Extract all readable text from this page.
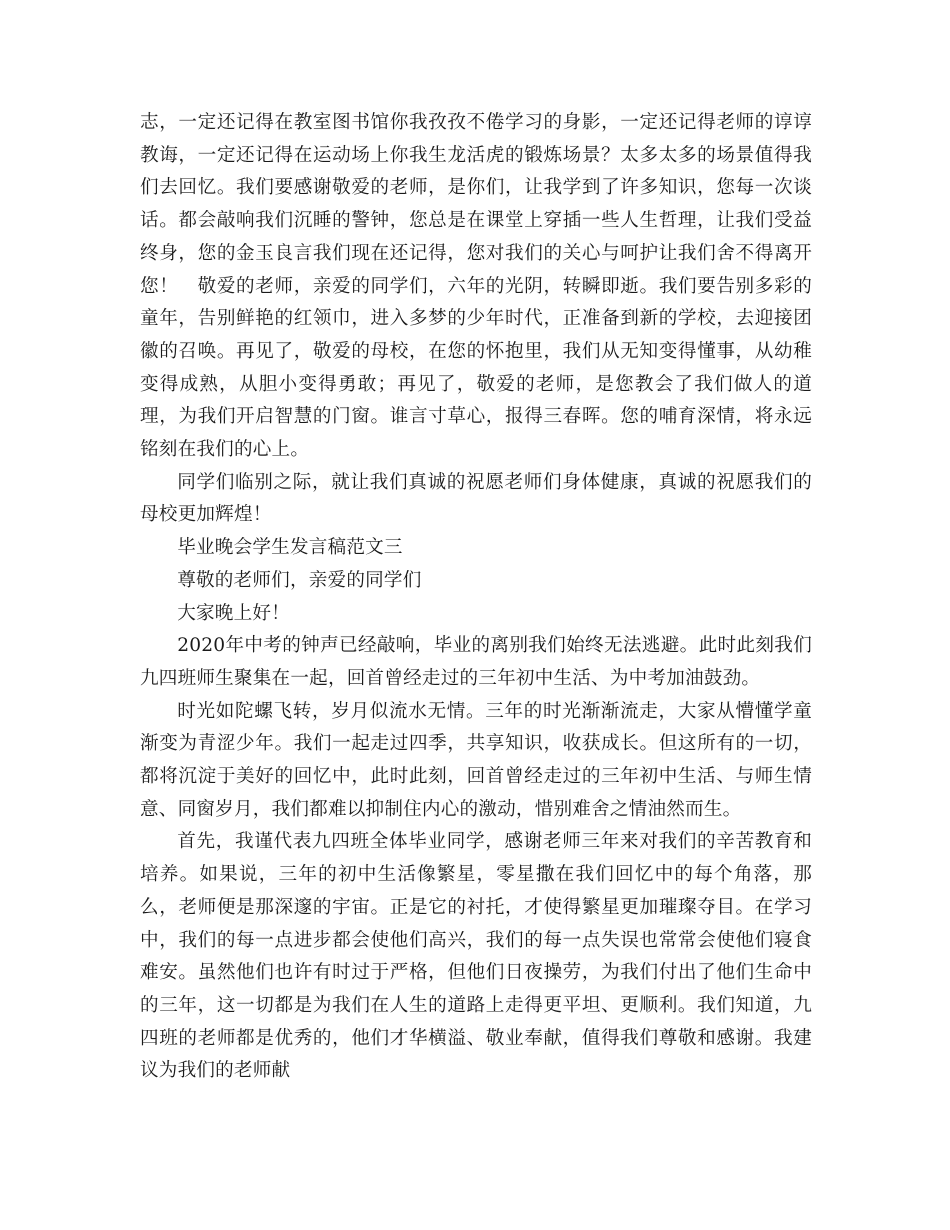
志，一定还记得在教室图书馆你我孜孜不倦学习的身影，一定还记得老师的谆谆教诲，一定还记得在运动场上你我生龙活虎的锻炼场景？太多太多的场景值得我们去回忆。我们要感谢敬爱的老师，是你们，让我学到了许多知识，您每一次谈话。都会敲响我们沉睡的警钟，您总是在课堂上穿插一些人生哲理，让我们受益终身，您的金玉良言我们现在还记得，您对我们的关心与呵护让我们舍不得离开您！　敬爱的老师，亲爱的同学们，六年的光阴，转瞬即逝。我们要告别多彩的童年，告别鲜艳的红领巾，进入多梦的少年时代，正准备到新的学校，去迎接团徽的召唤。再见了，敬爱的母校，在您的怀抱里，我们从无知变得懂事，从幼稚变得成熟，从胆小变得勇敢；再见了，敬爱的老师，是您教会了我们做人的道理，为我们开启智慧的门窗。谁言寸草心，报得三春晖。您的哺育深情，将永远铭刻在我们的心上。

同学们临别之际，就让我们真诚的祝愿老师们身体健康，真诚的祝愿我们的母校更加辉煌！

毕业晚会学生发言稿范文三

尊敬的老师们，亲爱的同学们

大家晚上好！

2020年中考的钟声已经敲响，毕业的离别我们始终无法逃避。此时此刻我们九四班师生聚集在一起，回首曾经走过的三年初中生活、为中考加油鼓劲。

时光如陀螺飞转，岁月似流水无情。三年的时光渐渐流走，大家从懵懂学童渐变为青涩少年。我们一起走过四季，共享知识，收获成长。但这所有的一切，都将沉淀于美好的回忆中，此时此刻，回首曾经走过的三年初中生活、与师生情意、同窗岁月，我们都难以抑制住内心的激动，惜别难舍之情油然而生。

首先，我谨代表九四班全体毕业同学，感谢老师三年来对我们的辛苦教育和培养。如果说，三年的初中生活像繁星，零星撒在我们回忆中的每个角落，那么，老师便是那深邃的宇宙。正是它的衬托，才使得繁星更加璀璨夺目。在学习中，我们的每一点进步都会使他们高兴，我们的每一点失误也常常会使他们寝食难安。虽然他们也许有时过于严格，但他们日夜操劳，为我们付出了他们生命中的三年，这一切都是为我们在人生的道路上走得更平坦、更顺利。我们知道，九四班的老师都是优秀的，他们才华横溢、敬业奉献，值得我们尊敬和感谢。我建议为我们的老师献
